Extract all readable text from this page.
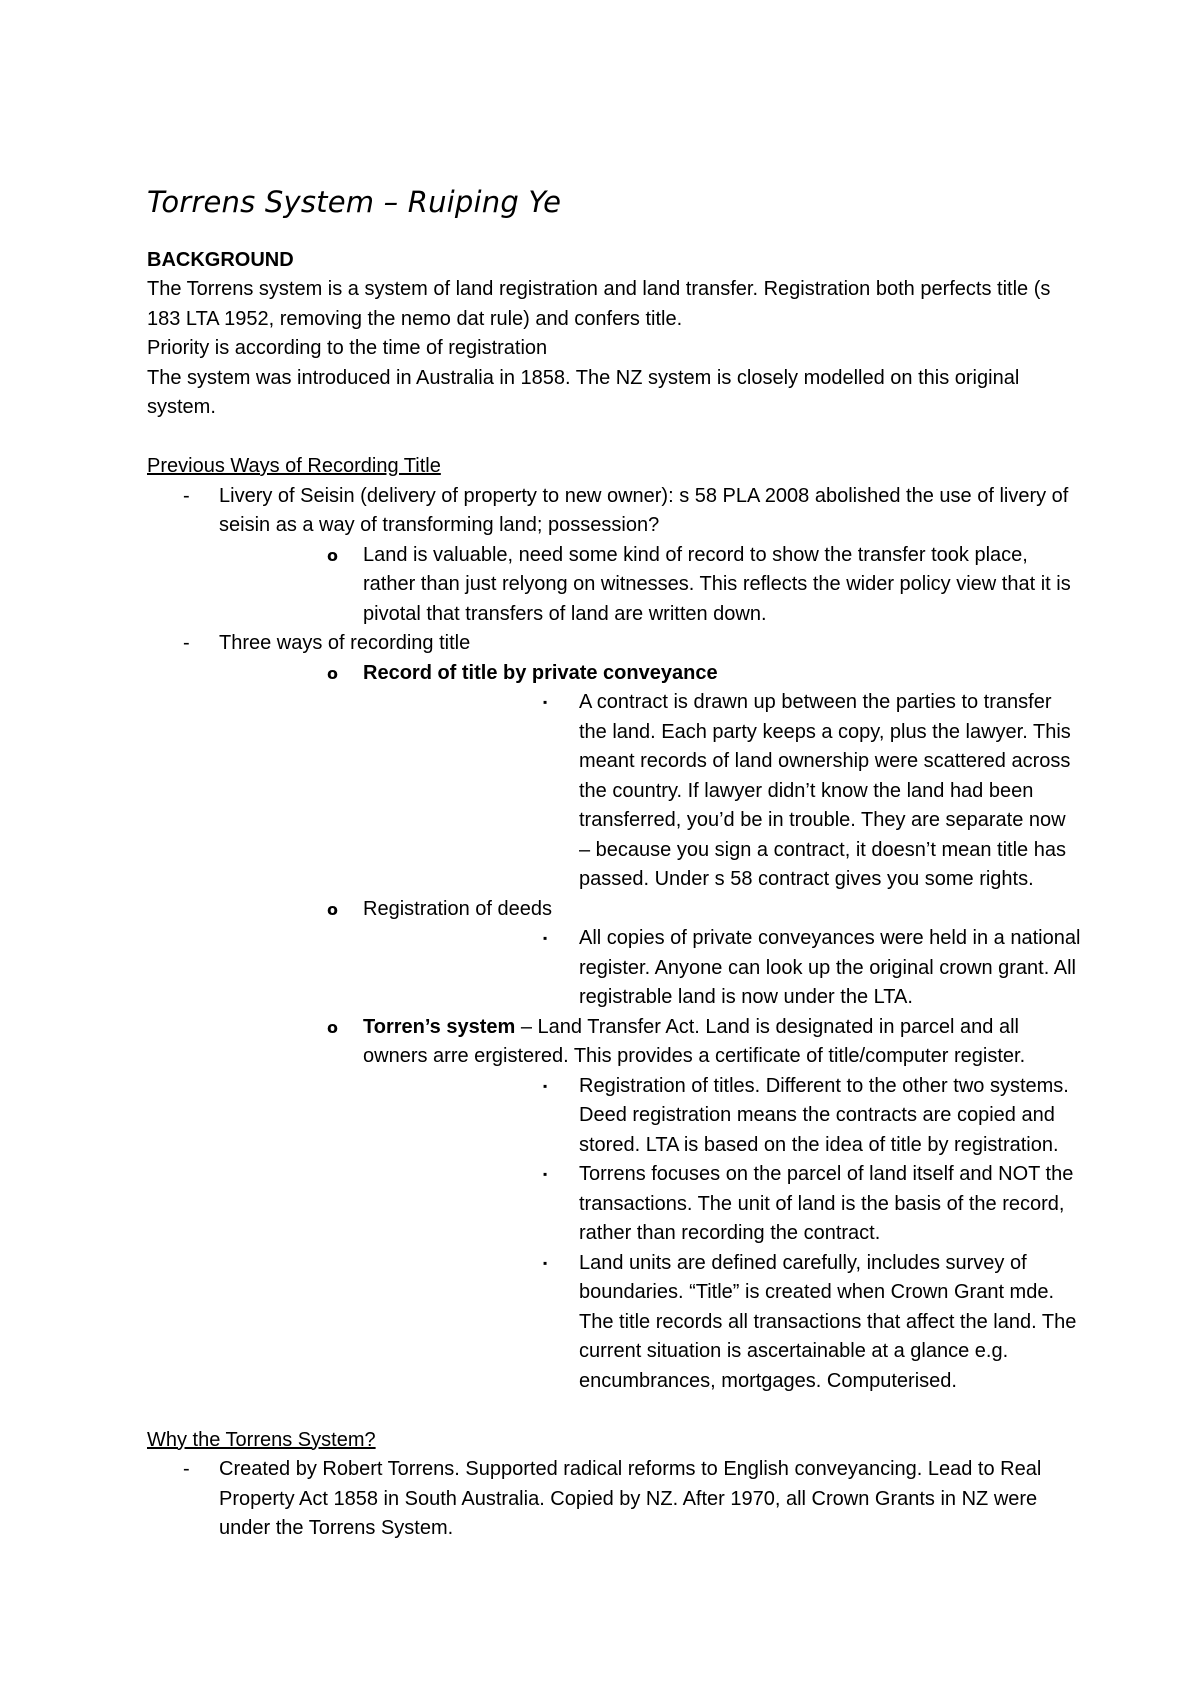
Torrens System – Ruiping Ye

BACKGROUND

The Torrens system is a system of land registration and land transfer. Registration both perfects title (s 183 LTA 1952, removing the nemo dat rule) and confers title.

Priority is according to the time of registration

The system was introduced in Australia in 1858. The NZ system is closely modelled on this original system.

Previous Ways of Recording Title

-	Livery of Seisin (delivery of property to new owner): s 58 PLA 2008 abolished the use of livery of seisin as a way of transforming land; possession?
o Land is valuable, need some kind of record to show the transfer took place, rather than just relyong on witnesses. This reflects the wider policy view that it is pivotal that transfers of land are written down.
-	Three ways of recording title
o Record of title by private conveyance
▪ A contract is drawn up between the parties to transfer the land. Each party keeps a copy, plus the lawyer. This meant records of land ownership were scattered across the country. If lawyer didn’t know the land had been transferred, you’d be in trouble. They are separate now – because you sign a contract, it doesn’t mean title has passed. Under s 58 contract gives you some rights.
o Registration of deeds
▪ All copies of private conveyances were held in a national register. Anyone can look up the original crown grant. All registrable land is now under the LTA.
o Torren’s system – Land Transfer Act. Land is designated in parcel and all owners arre ergistered. This provides a certificate of title/computer register.
▪ Registration of titles. Different to the other two systems. Deed registration means the contracts are copied and stored. LTA is based on the idea of title by registration.
▪ Torrens focuses on the parcel of land itself and NOT the transactions. The unit of land is the basis of the record, rather than recording the contract.
▪ Land units are defined carefully, includes survey of boundaries. “Title” is created when Crown Grant mde. The title records all transactions that affect the land. The current situation is ascertainable at a glance e.g. encumbrances, mortgages. Computerised.

Why the Torrens System?

-	Created by Robert Torrens. Supported radical reforms to English conveyancing. Lead to Real Property Act 1858 in South Australia. Copied by NZ. After 1970, all Crown Grants in NZ were under the Torrens System.
